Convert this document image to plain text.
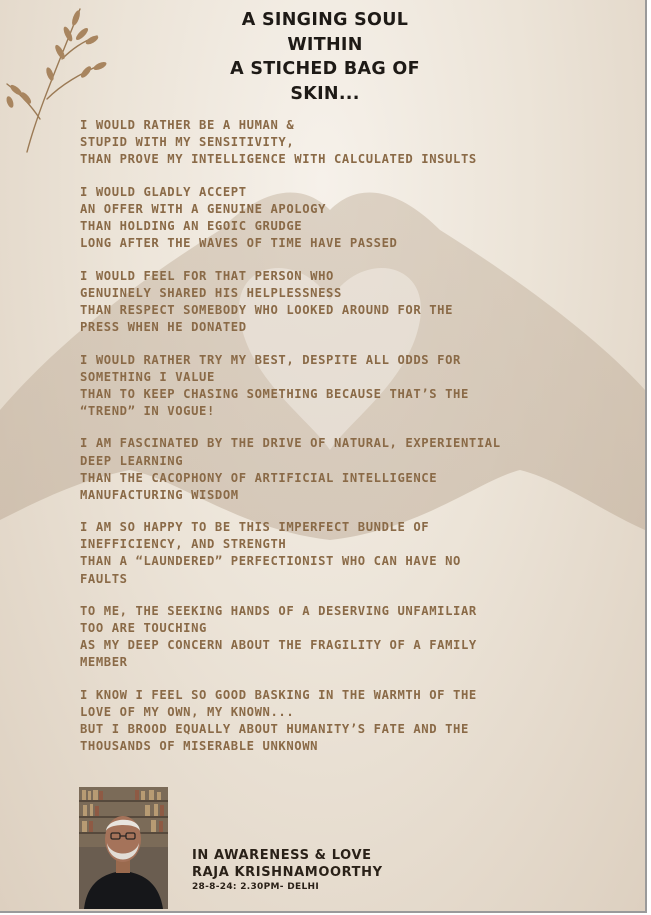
A SINGING SOUL
WITHIN
A STICHED BAG OF
SKIN...
I WOULD RATHER BE A HUMAN &
STUPID WITH MY SENSITIVITY,
THAN PROVE MY INTELLIGENCE WITH CALCULATED INSULTS
I WOULD GLADLY ACCEPT
AN OFFER WITH A GENUINE APOLOGY
THAN HOLDING AN EGOIC GRUDGE
LONG AFTER THE WAVES OF TIME HAVE PASSED
I WOULD FEEL FOR THAT PERSON WHO
GENUINELY SHARED HIS HELPLESSNESS
THAN RESPECT SOMEBODY WHO LOOKED AROUND FOR THE
PRESS WHEN HE DONATED
I WOULD RATHER TRY MY BEST, DESPITE ALL ODDS FOR
SOMETHING I VALUE
THAN TO KEEP CHASING SOMETHING BECAUSE THAT’S THE
“TREND” IN VOGUE!
I AM FASCINATED BY THE DRIVE OF NATURAL, EXPERIENTIAL
DEEP LEARNING
THAN THE CACOPHONY OF ARTIFICIAL INTELLIGENCE
MANUFACTURING WISDOM
I AM SO HAPPY TO BE THIS IMPERFECT BUNDLE OF
INEFFICIENCY, AND STRENGTH
THAN A “LAUNDERED” PERFECTIONIST WHO CAN HAVE NO
FAULTS
TO ME, THE SEEKING HANDS OF A DESERVING UNFAMILIAR
TOO ARE TOUCHING
AS MY DEEP CONCERN ABOUT THE FRAGILITY OF A FAMILY
MEMBER
I KNOW I FEEL SO GOOD BASKING IN THE WARMTH OF THE
LOVE OF MY OWN, MY KNOWN...
BUT I BROOD EQUALLY ABOUT HUMANITY’S FATE AND THE
THOUSANDS OF MISERABLE UNKNOWN
IN AWARENESS & LOVE
RAJA KRISHNAMOORTHY
28-8-24: 2.30PM- DELHI
